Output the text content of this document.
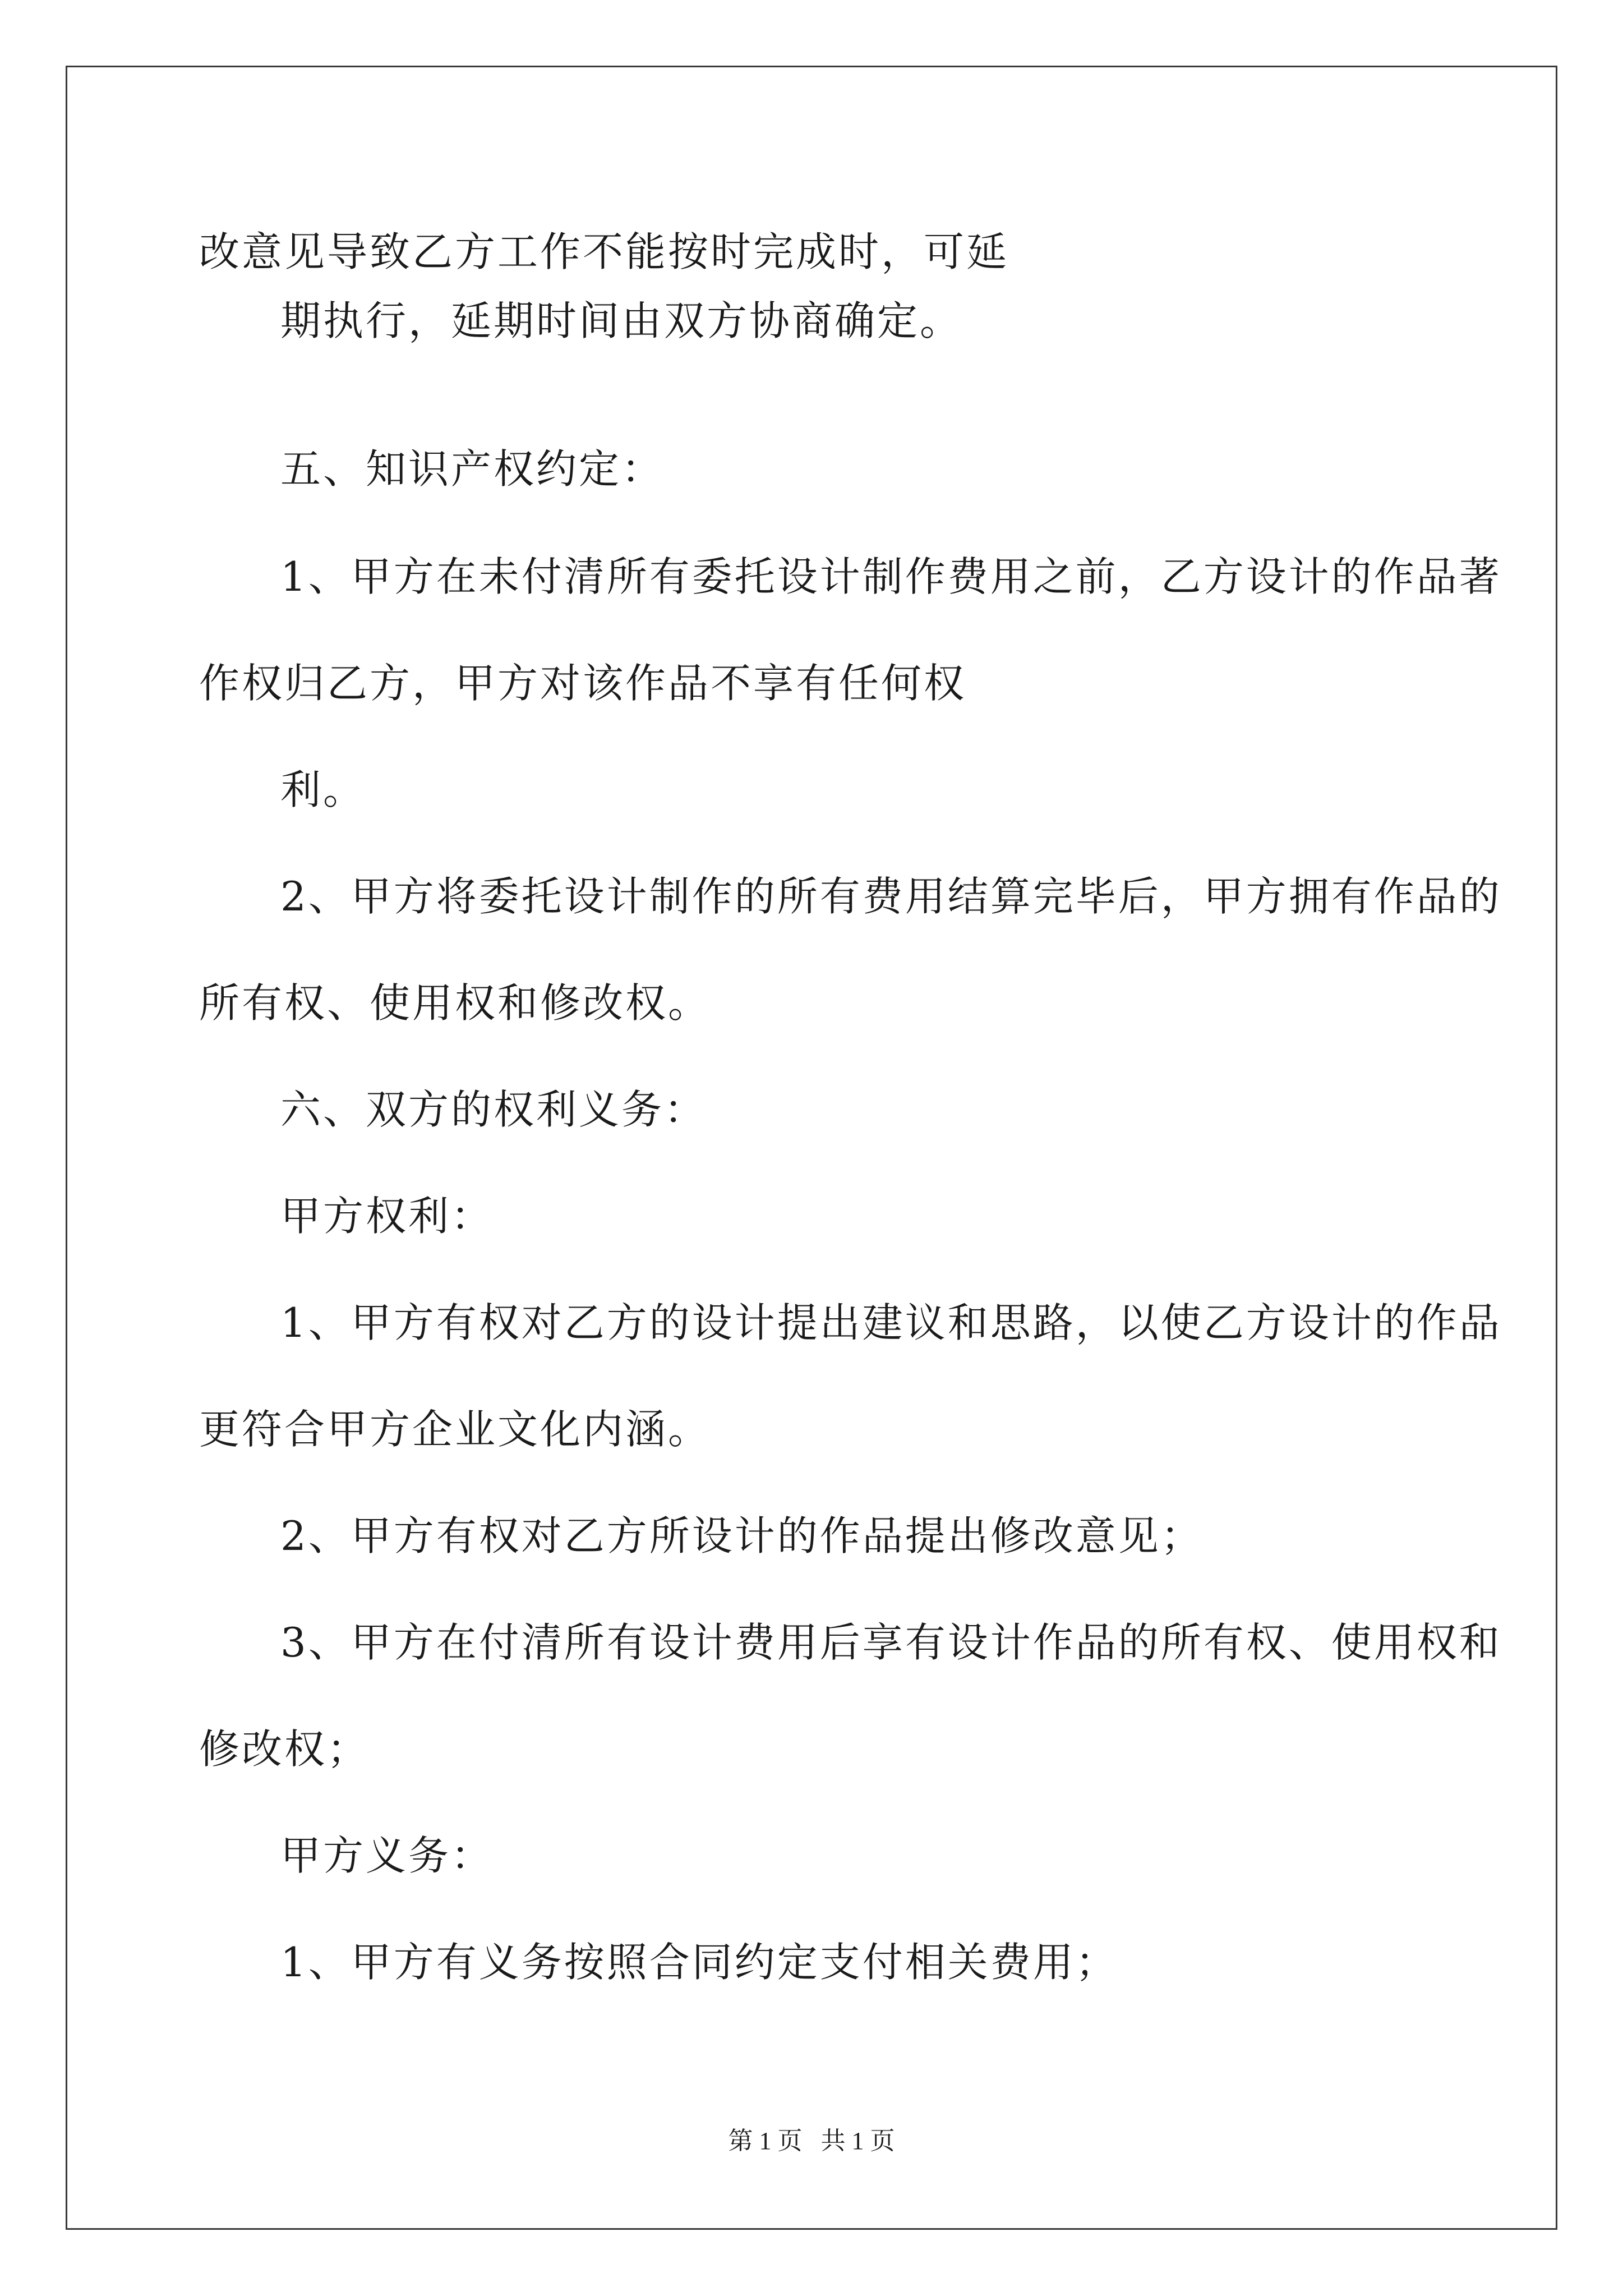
改意见导致乙方工作不能按时完成时，可延

期执行，延期时间由双方协商确定。

五、知识产权约定：

1、甲方在未付清所有委托设计制作费用之前，乙方设计的作品著

作权归乙方，甲方对该作品不享有任何权

利。

2、甲方将委托设计制作的所有费用结算完毕后，甲方拥有作品的

所有权、使用权和修改权。

六、双方的权利义务：

甲方权利：

1、甲方有权对乙方的设计提出建议和思路，以使乙方设计的作品

更符合甲方企业文化内涵。

2、甲方有权对乙方所设计的作品提出修改意见；

3、甲方在付清所有设计费用后享有设计作品的所有权、使用权和

修改权；

甲方义务：

1、甲方有义务按照合同约定支付相关费用；

第 1 页   共 1 页
